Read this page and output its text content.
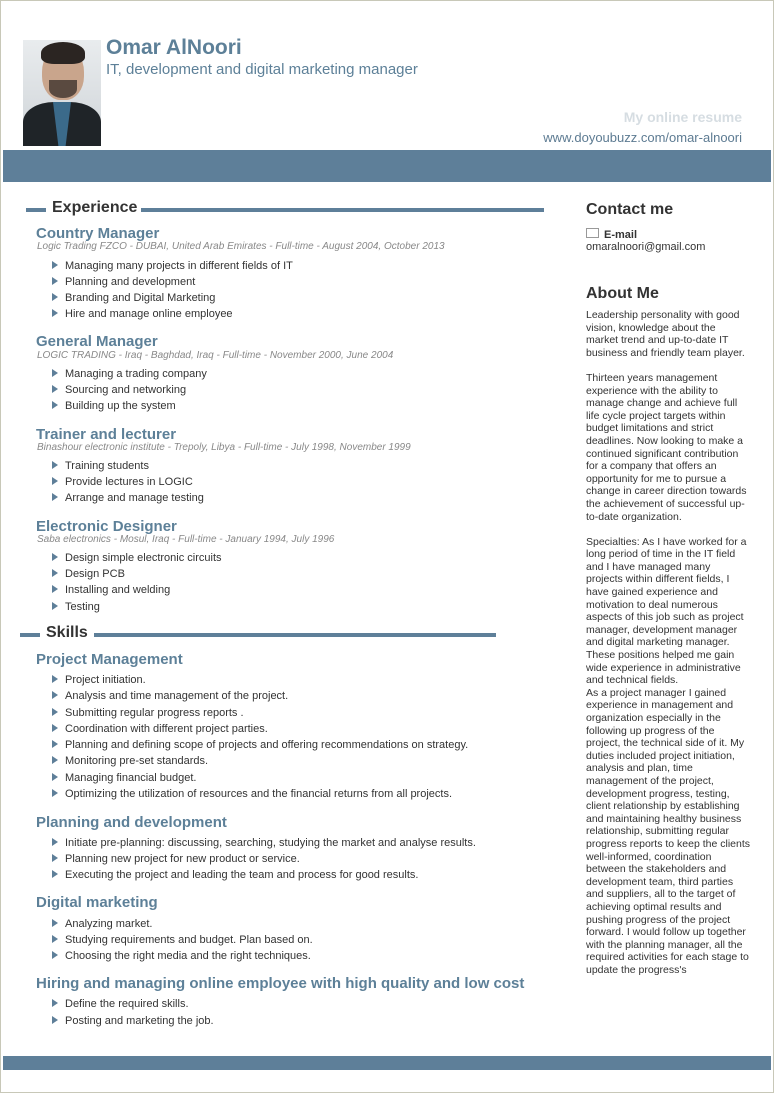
Omar AlNoori
IT, development and digital marketing manager
My online resume
www.doyoubuzz.com/omar-alnoori
Experience
Country Manager
Logic Trading FZCO - DUBAI, United Arab Emirates - Full-time - August 2004, October 2013
Managing many projects in different fields of IT
Planning and development
Branding and Digital Marketing
Hire and manage online employee
General Manager
LOGIC TRADING - Iraq - Baghdad, Iraq - Full-time - November 2000, June 2004
Managing a trading company
Sourcing and networking
Building up the system
Trainer and lecturer
Binashour electronic institute - Trepoly, Libya - Full-time - July 1998, November 1999
Training students
Provide lectures in LOGIC
Arrange and manage testing
Electronic Designer
Saba electronics - Mosul, Iraq - Full-time - January 1994, July 1996
Design simple electronic circuits
Design PCB
Installing and welding
Testing
Skills
Project Management
Project initiation.
Analysis and time management of the project.
Submitting regular progress reports .
Coordination with different project parties.
Planning and defining scope of projects and offering recommendations on strategy.
Monitoring pre-set standards.
Managing financial budget.
Optimizing the utilization of resources and the financial returns from all projects.
Planning and development
Initiate pre-planning: discussing, searching, studying the market and analyse results.
Planning new project for new product or service.
Executing the project and leading the team and process for good results.
Digital marketing
Analyzing market.
Studying requirements and budget. Plan based on.
Choosing the right media and the right techniques.
Hiring and managing online employee with high quality and low cost
Define the required skills.
Posting and marketing the job.
Contact me
E-mail
omaralnoori@gmail.com
About Me

Leadership personality with good vision, knowledge about the market trend and up-to-date IT business and friendly team player.

Thirteen years management experience with the ability to manage change and achieve full life cycle project targets within budget limitations and strict deadlines. Now looking to make a continued significant contribution for a company that offers an opportunity for me to pursue a change in career direction towards the achievement of successful up-to-date organization.

Specialties: As I have worked for a long period of time in the IT field and I have managed many projects within different fields, I have gained experience and motivation to deal numerous aspects of this job such as project manager, development manager and digital marketing manager. These positions helped me gain wide experience in administrative and technical fields.
As a project manager I gained experience in management and organization especially in the following up progress of the project, the technical side of it. My duties included project initiation, analysis and plan, time management of the project, development progress, testing, client relationship by establishing and maintaining healthy business relationship, submitting regular progress reports to keep the clients well-informed, coordination between the stakeholders and development team, third parties and suppliers, all to the target of achieving optimal results and pushing progress of the project forward. I would follow up together with the planning manager, all the required activities for each stage to update the progress's
